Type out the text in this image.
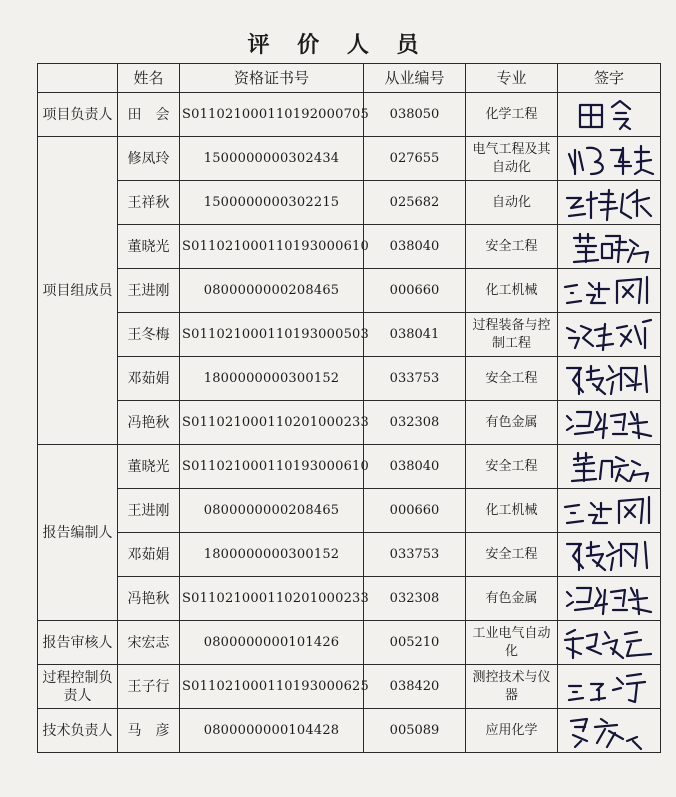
评 价 人 员
	姓名	资格证书号	从业编号	专业	签字
项目负责人	田　会	S011021000110192000705	038050	化学工程	

项目组成员	修凤玲	1500000000302434	027655	电气工程及其自动化	

	王祥秋	1500000000302215	025682	自动化	

	董晓光	S011021000110193000610	038040	安全工程	

	王进刚	0800000000208465	000660	化工机械	

	王冬梅	S011021000110193000503	038041	过程装备与控制工程	

	邓茹娟	1800000000300152	033753	安全工程	

	冯艳秋	S011021000110201000233	032308	有色金属	

报告编制人	董晓光	S011021000110193000610	038040	安全工程	

	王进刚	0800000000208465	000660	化工机械	

	邓茹娟	1800000000300152	033753	安全工程	

	冯艳秋	S011021000110201000233	032308	有色金属	

报告审核人	宋宏志	0800000000101426	005210	工业电气自动化	

过程控制负责人	王子行	S011021000110193000625	038420	测控技术与仪器	

技术负责人	马　彦	0800000000104428	005089	应用化学	
